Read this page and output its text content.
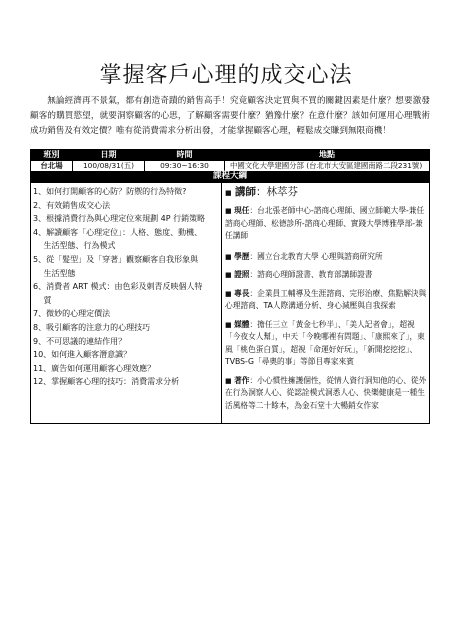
掌握客戶心理的成交心法
無論經濟再不景氣，都有創造奇蹟的銷售高手！究竟顧客決定買與不買的關鍵因素是什麼？想要激發顧客的購買慾望，就要洞察顧客的心思，了解顧客需要什麼？猶豫什麼？在意什麼？該如何運用心理戰術成功銷售及有效定價？唯有從消費需求分析出發，才能掌握顧客心理，輕鬆成交賺到無限商機！
班別	日期	時間	地點
台北場	100/08/31(五)	09:30~16:30	中國文化大學建國分部 (台北市大安區建國南路二段231號)
課程大綱
1、如何打開顧客的心防？防禦的行為特徵?
2、有效銷售成交心法
3、根據消費行為與心理定位來規劃 4P 行銷策略
4、解讀顧客「心理定位」：人格、態度、動機、
　 生活型態、行為模式
5、從「髮型」及「穿著」觀察顧客自我形象與
　 生活型態
6、消費者 ART 模式：由色彩及刺青反映個人特
　 質
7、微妙的心理定價法
8、吸引顧客的注意力的心理技巧
9、不可思議的連結作用？
10、如何進入顧客潛意識？
11、廣告如何運用顧客心理效應？
12、掌握顧客心理的技巧：消費需求分析
■ 講師：林萃芬
■ 現任：台北張老師中心-諮商心理師、國立師範大學-兼任諮商心理師、松德診所-諮商心理師、實踐大學博雅學部-兼任講師
■ 學歷：國立台北教育大學 心理與諮商研究所
■ 證照：諮商心理師證書、教育部講師證書
■ 專長：企業員工輔導及生涯諮商、完形治療、焦點解決與心理諮商、TA人際溝通分析、身心減壓與自我探索
■ 媒體：擔任三立「黃金七秒半」、「美人記者會」，超視「今夜女人幫」，中天「今晚哪裡有問題」、「康熙來了」，東風「桃色蛋白質」，超視「命運好好玩」，「新聞挖挖挖」、TVBS-G「尋奧的事」等節目專家來賓
■ 著作：小心慣性擁護個性，從情人資行洞知他的心、從外在行為洞察人心、從認詮模式洞悉人心、快樂健康是一種生活風格等二十餘本，為金石堂十大暢銷女作家
